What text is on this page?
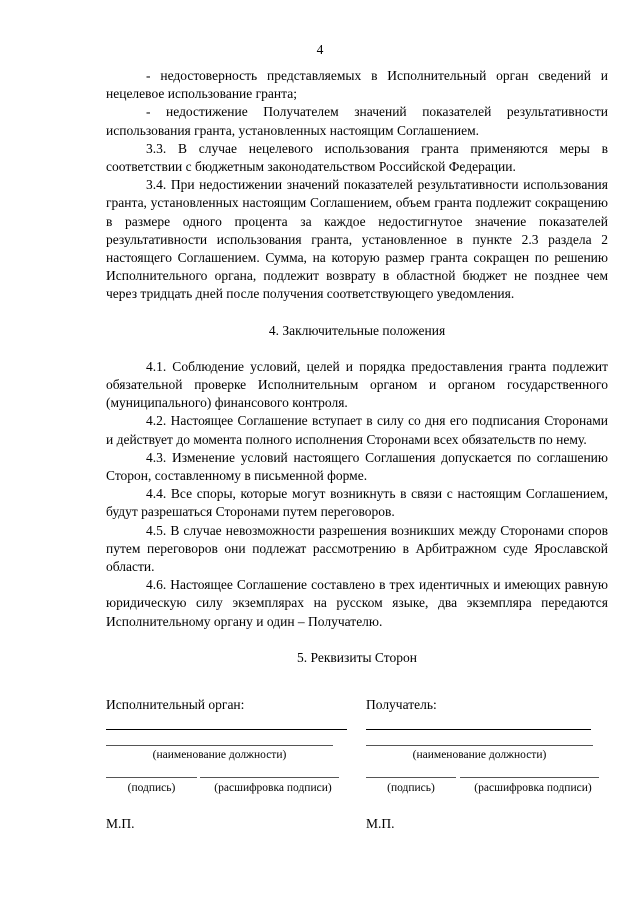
4

- недостоверность представляемых в Исполнительный орган сведений и нецелевое использование гранта;

- недостижение Получателем значений показателей результативности использования гранта, установленных настоящим Соглашением.

3.3. В случае нецелевого использования гранта применяются меры в соответствии с бюджетным законодательством Российской Федерации.

3.4. При недостижении значений показателей результативности использования гранта, установленных настоящим Соглашением, объем гранта подлежит сокращению в размере одного процента за каждое недостигнутое значение показателей результативности использования гранта, установленное в пункте 2.3 раздела 2 настоящего Соглашением. Сумма, на которую размер гранта сокращен по решению Исполнительного органа, подлежит возврату в областной бюджет не позднее чем через тридцать дней после получения соответствующего уведомления.

4. Заключительные положения

4.1. Соблюдение условий, целей и порядка предоставления гранта подлежит обязательной проверке Исполнительным органом и органом государственного (муниципального) финансового контроля.

4.2. Настоящее Соглашение вступает в силу со дня его подписания Сторонами и действует до момента полного исполнения Сторонами всех обязательств по нему.

4.3. Изменение условий настоящего Соглашения допускается по соглашению Сторон, составленному в письменной форме.

4.4. Все споры, которые могут возникнуть в связи с настоящим Соглашением, будут разрешаться Сторонами путем переговоров.

4.5. В случае невозможности разрешения возникших между Сторонами споров путем переговоров они подлежат рассмотрению в Арбитражном суде Ярославской области.

4.6. Настоящее Соглашение составлено в трех идентичных и имеющих равную юридическую силу экземплярах на русском языке, два экземпляра передаются Исполнительному органу и один – Получателю.

5. Реквизиты Сторон

Исполнительный орган:
(наименование должности)
(подпись)	(расшифровка подписи)
М.П.
Получатель:
(наименование должности)
(подпись)	(расшифровка подписи)
М.П.
